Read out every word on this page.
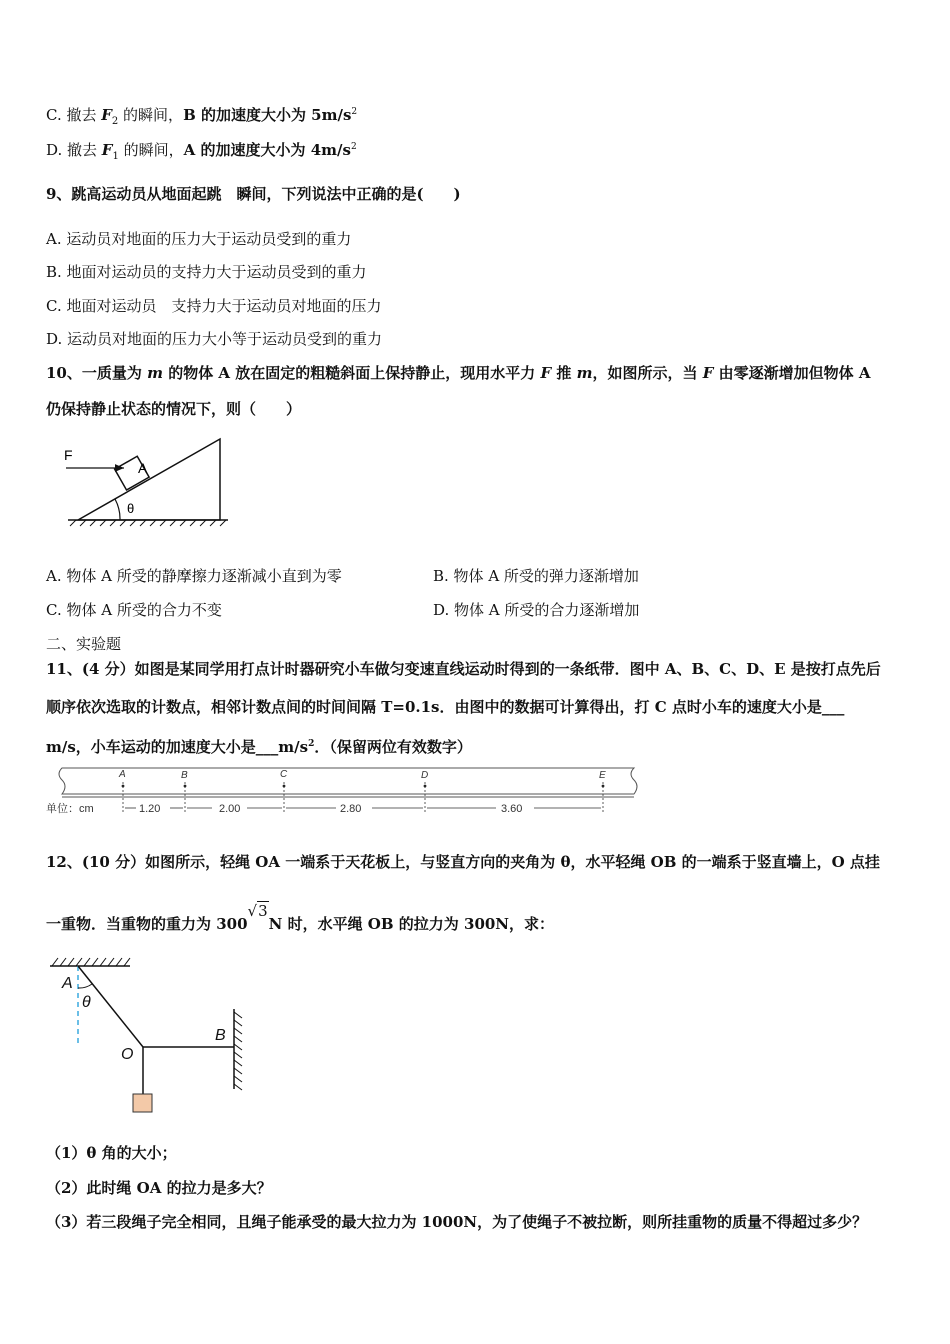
C. 撤去 $F_2$ 的瞬间，B 的加速度大小为 $5m/s^2$
D. 撤去 $F_1$ 的瞬间，A 的加速度大小为 $4m/s^2$
9、跳高运动员从地面起跳　瞬间，下列说法中正确的是(　　)
A. 运动员对地面的压力大于运动员受到的重力
B. 地面对运动员的支持力大于运动员受到的重力
C. 地面对运动员　支持力大于运动员对地面的压力
D. 运动员对地面的压力大小等于运动员受到的重力
10、一质量为 m 的物体 A 放在固定的粗糙斜面上保持静止，现用水平力 F 推 m，如图所示，当 F 由零逐渐增加但物体 A
仍保持静止状态的情况下，则（　　）
A
F
θ
A. 物体 A 所受的静摩擦力逐渐减小直到为零	B. 物体 A 所受的弹力逐渐增加
C. 物体 A 所受的合力不变	D. 物体 A 所受的合力逐渐增加
二、实验题
11、(4 分）如图是某同学用打点计时器研究小车做匀变速直线运动时得到的一条纸带．图中 A、B、C、D、E 是按打点先后
顺序依次选取的计数点，相邻计数点间的时间间隔 T=0.1s．由图中的数据可计算得出，打 C 点时小车的速度大小是___
m/s，小车运动的加速度大小是$\_\_\_m/s^2$．（保留两位有效数字）
A	B	C	D	E
单位：cm	1.20	2.00	2.80	3.60
12、(10 分）如图所示，轻绳 OA 一端系于天花板上，与竖直方向的夹角为 θ，水平轻绳 OB 的一端系于竖直墙上，O 点挂
一重物．当重物的重力为 300√3N 时，水平绳 OB 的拉力为 300N，求：
A
θ
O
B
（1）θ 角的大小；
（2）此时绳 OA 的拉力是多大？
（3）若三段绳子完全相同，且绳子能承受的最大拉力为 1000N，为了使绳子不被拉断，则所挂重物的质量不得超过多少？
